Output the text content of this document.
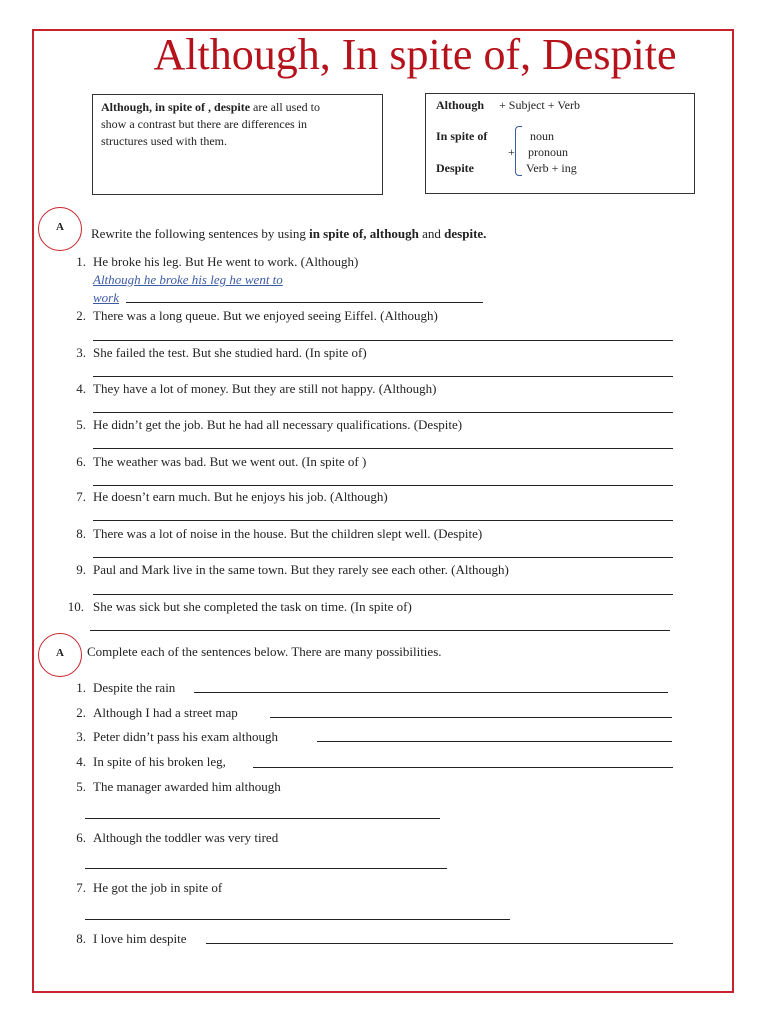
Although, in spite of , despite are all used to
show a contrast but there are differences in
structures used with them.
Although + Subject + Verb
In spite of
Despite
+
noun
pronoun
Verb + ing
Although, In spite of, Despite
A	Rewrite the following sentences by using in spite of, although and despite.
1. He broke his leg. But He went to work. (Although)
2. There was a long queue. But we enjoyed seeing Eiffel. (Although)
3. She failed the test. But she studied hard. (In spite of)
4. They have a lot of money. But they are still not happy. (Although)
5. He didn’t get the job. But he had all necessary qualifications. (Despite)
6. The weather was bad. But we went out. (In spite of )
7. He doesn’t earn much. But he enjoys his job. (Although)
8. There was a lot of noise in the house. But the children slept well. (Despite)
9. Paul and Mark live in the same town. But they rarely see each other. (Although)
10. She was sick but she completed the task on time. (In spite of)
Although he broke his leg he went to
work
A	Complete each of the sentences below. There are many possibilities.
1. Despite the rain
2. Although I had a street map
3. Peter didn’t pass his exam although
4. In spite of his broken leg,
5. The manager awarded him although
6. Although the toddler was very tired
7. He got the job in spite of
8. I love him despite
